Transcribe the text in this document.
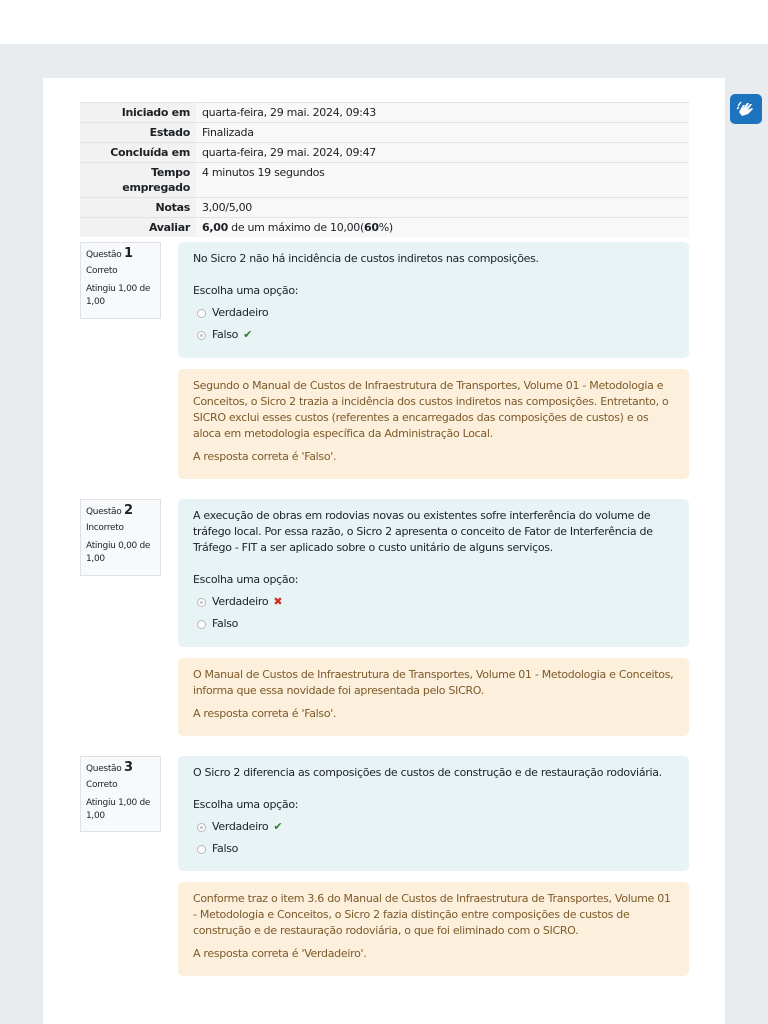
Iniciado em	quarta-feira, 29 mai. 2024, 09:43
Estado	Finalizada
Concluída em	quarta-feira, 29 mai. 2024, 09:47
Tempo empregado	4 minutos 19 segundos
Notas	3,00/5,00
Avaliar	6,00 de um máximo de 10,00(60%)
Questão 1
Correto
Atingiu 1,00 de 1,00
No Sicro 2 não há incidência de custos indiretos nas composições.
Escolha uma opção:
Verdadeiro
Falso ✔
Segundo o Manual de Custos de Infraestrutura de Transportes, Volume 01 - Metodologia e Conceitos, o Sicro 2 trazia a incidência dos custos indiretos nas composições. Entretanto, o SICRO exclui esses custos (referentes a encarregados das composições de custos) e os aloca em metodologia específica da Administração Local.
A resposta correta é 'Falso'.
Questão 2
Incorreto
Atingiu 0,00 de 1,00
A execução de obras em rodovias novas ou existentes sofre interferência do volume de tráfego local. Por essa razão, o Sicro 2 apresenta o conceito de Fator de Interferência de Tráfego - FIT a ser aplicado sobre o custo unitário de alguns serviços.
Escolha uma opção:
Verdadeiro ✖
Falso
O Manual de Custos de Infraestrutura de Transportes, Volume 01 - Metodologia e Conceitos, informa que essa novidade foi apresentada pelo SICRO.
A resposta correta é 'Falso'.
Questão 3
Correto
Atingiu 1,00 de 1,00
O Sicro 2 diferencia as composições de custos de construção e de restauração rodoviária.
Escolha uma opção:
Verdadeiro ✔
Falso
Conforme traz o item 3.6 do Manual de Custos de Infraestrutura de Transportes, Volume 01 - Metodologia e Conceitos, o Sicro 2 fazia distinção entre composições de custos de construção e de restauração rodoviária, o que foi eliminado com o SICRO.
A resposta correta é 'Verdadeiro'.
